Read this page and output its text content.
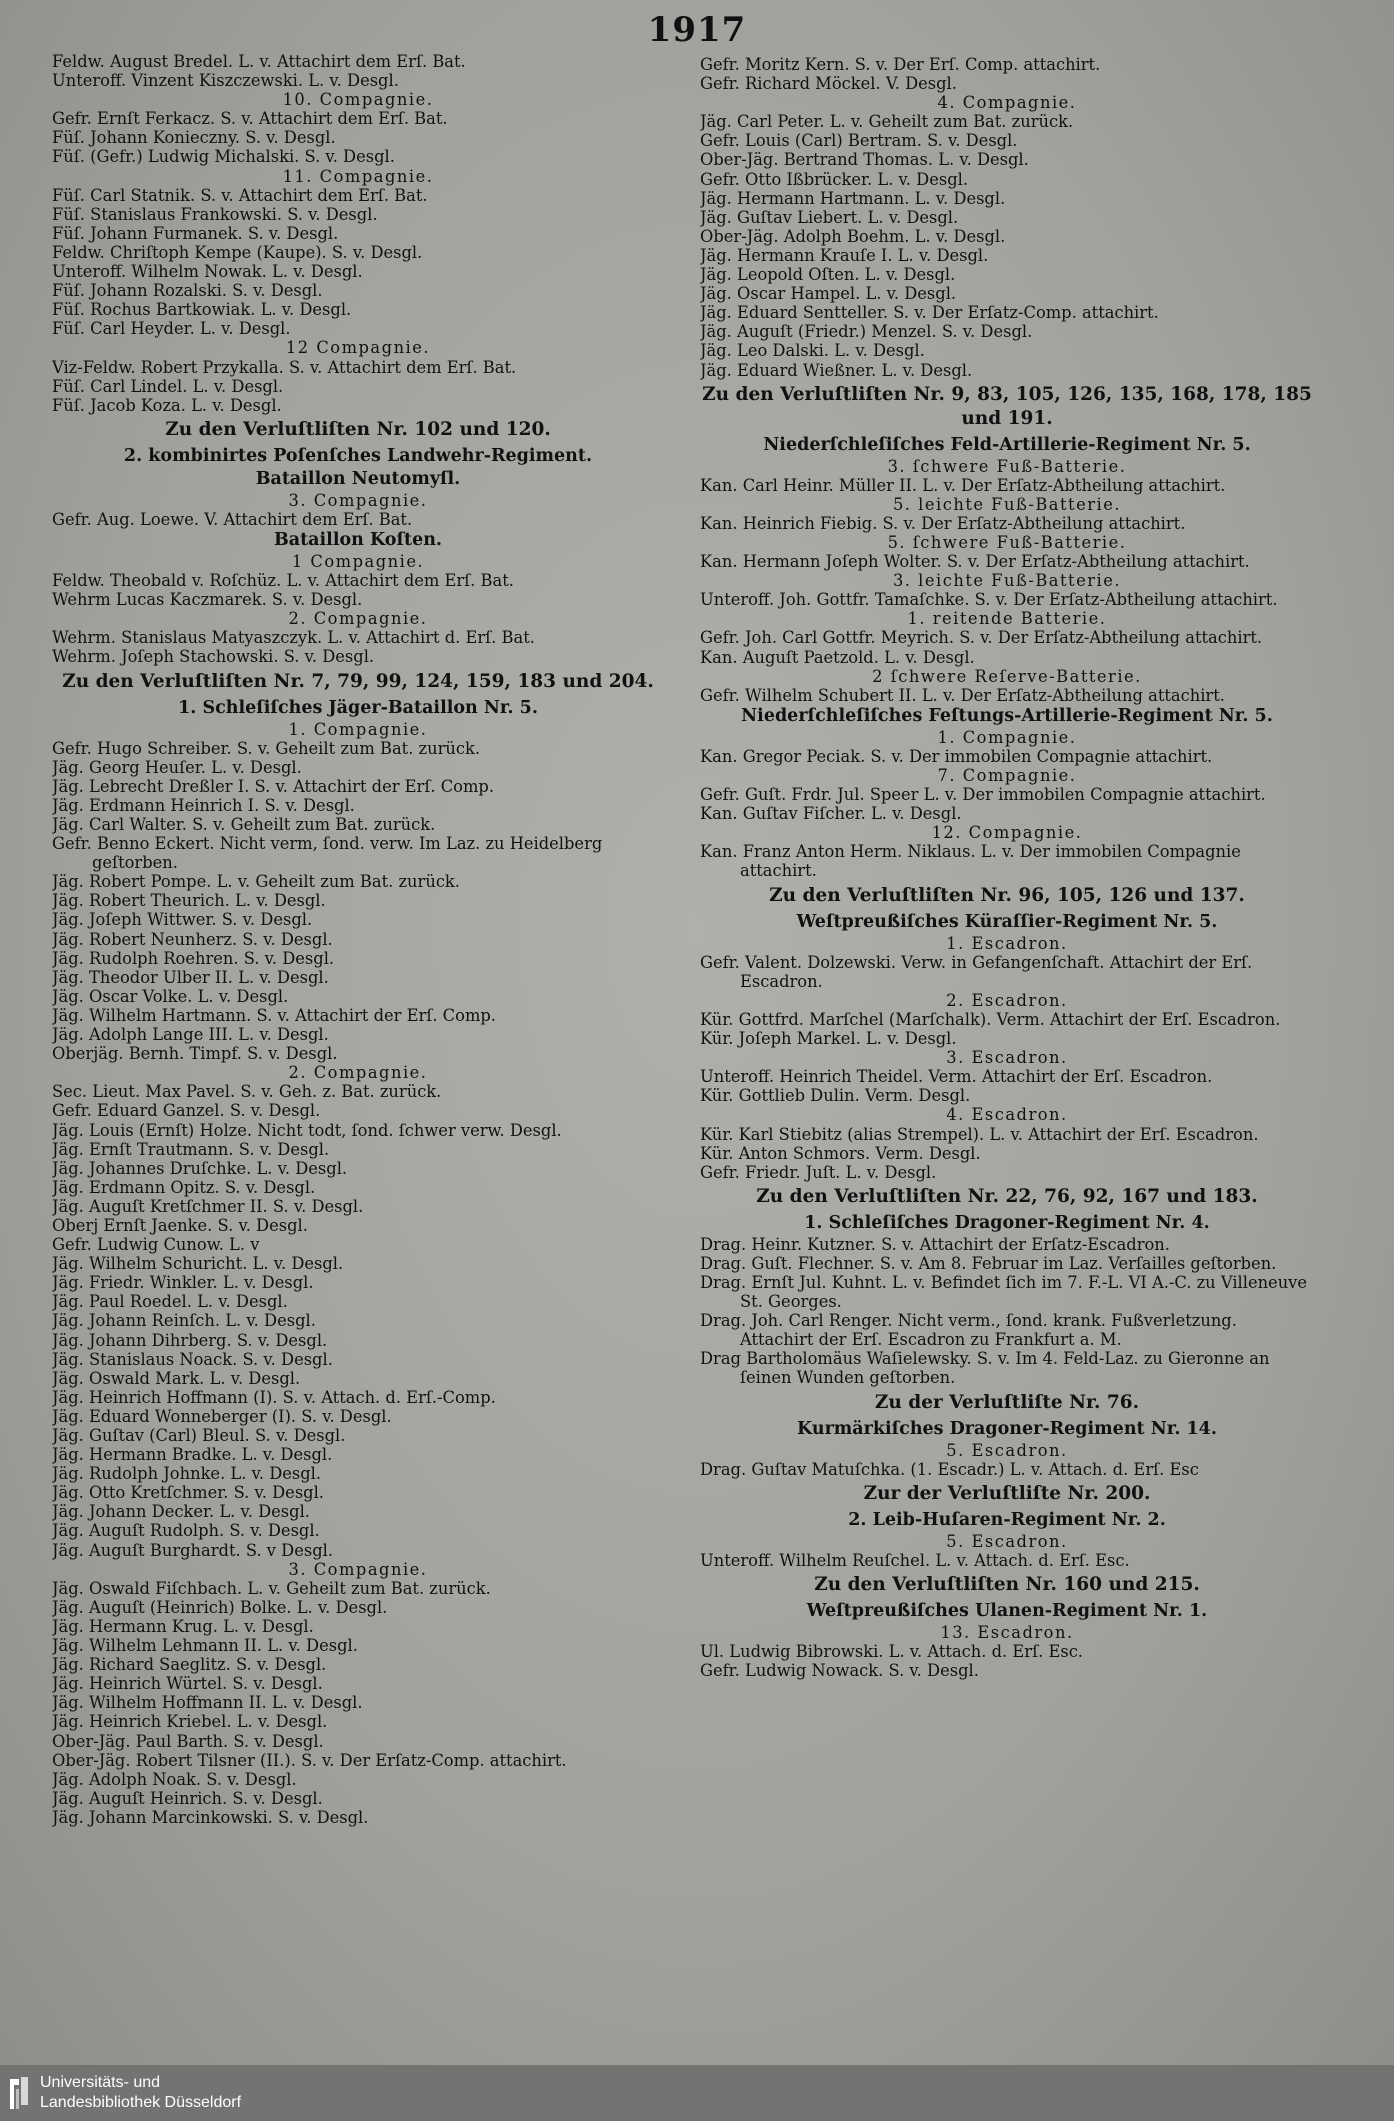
1917
Feldw. August Bredel. L. v. Attachirt dem Erſ. Bat.
Unteroff. Vinzent Kiszczewski. L. v. Desgl.
10. Compagnie.
Gefr. Ernſt Ferkacz. S. v. Attachirt dem Erſ. Bat.
Füſ. Johann Konieczny. S. v. Desgl.
Füſ. (Gefr.) Ludwig Michalski. S. v. Desgl.
11. Compagnie.
Füſ. Carl Statnik. S. v. Attachirt dem Erſ. Bat.
Füſ. Stanislaus Frankowski. S. v. Desgl.
Füſ. Johann Furmanek. S. v. Desgl.
Feldw. Chriſtoph Kempe (Kaupe). S. v. Desgl.
Unteroff. Wilhelm Nowak. L. v. Desgl.
Füſ. Johann Rozalski. S. v. Desgl.
Füſ. Rochus Bartkowiak. L. v. Desgl.
Füſ. Carl Heyder. L. v. Desgl.
12 Compagnie.
Viz-Feldw. Robert Przykalla. S. v. Attachirt dem Erſ. Bat.
Füſ. Carl Lindel. L. v. Desgl.
Füſ. Jacob Koza. L. v. Desgl.
Zu den Verluſtliſten Nr. 102 und 120.
2. kombinirtes Poſenſches Landwehr-Regiment.
Bataillon Neutomyſl.
3. Compagnie.
Gefr. Aug. Loewe. V. Attachirt dem Erſ. Bat.
Bataillon Koſten.
1 Compagnie.
Feldw. Theobald v. Roſchüz. L. v. Attachirt dem Erſ. Bat.
Wehrm Lucas Kaczmarek. S. v. Desgl.
2. Compagnie.
Wehrm. Stanislaus Matyaszczyk. L. v. Attachirt d. Erſ. Bat.
Wehrm. Joſeph Stachowski. S. v. Desgl.
Zu den Verluſtliſten Nr. 7, 79, 99, 124, 159, 183 und 204.
1. Schleſiſches Jäger-Bataillon Nr. 5.
1. Compagnie.
Gefr. Hugo Schreiber. S. v. Geheilt zum Bat. zurück.
Jäg. Georg Heuſer. L. v. Desgl.
Jäg. Lebrecht Dreßler I. S. v. Attachirt der Erſ. Comp.
Jäg. Erdmann Heinrich I. S. v. Desgl.
Jäg. Carl Walter. S. v. Geheilt zum Bat. zurück.
Gefr. Benno Eckert. Nicht verm, ſond. verw. Im Laz. zu Heidelberg geſtorben.
Jäg. Robert Pompe. L. v. Geheilt zum Bat. zurück.
Jäg. Robert Theurich. L. v. Desgl.
Jäg. Joſeph Wittwer. S. v. Desgl.
Jäg. Robert Neunherz. S. v. Desgl.
Jäg. Rudolph Roehren. S. v. Desgl.
Jäg. Theodor Ulber II. L. v. Desgl.
Jäg. Oscar Volke. L. v. Desgl.
Jäg. Wilhelm Hartmann. S. v. Attachirt der Erſ. Comp.
Jäg. Adolph Lange III. L. v. Desgl.
Oberjäg. Bernh. Timpf. S. v. Desgl.
2. Compagnie.
Sec. Lieut. Max Pavel. S. v. Geh. z. Bat. zurück.
Gefr. Eduard Ganzel. S. v. Desgl.
Jäg. Louis (Ernſt) Holze. Nicht todt, ſond. ſchwer verw. Desgl.
Jäg. Ernſt Trautmann. S. v. Desgl.
Jäg. Johannes Druſchke. L. v. Desgl.
Jäg. Erdmann Opitz. S. v. Desgl.
Jäg. Auguſt Kretſchmer II. S. v. Desgl.
Oberj Ernſt Jaenke. S. v. Desgl.
Gefr. Ludwig Cunow. L. v
Jäg. Wilhelm Schuricht. L. v. Desgl.
Jäg. Friedr. Winkler. L. v. Desgl.
Jäg. Paul Roedel. L. v. Desgl.
Jäg. Johann Reinſch. L. v. Desgl.
Jäg. Johann Dihrberg. S. v. Desgl.
Jäg. Stanislaus Noack. S. v. Desgl.
Jäg. Oswald Mark. L. v. Desgl.
Jäg. Heinrich Hoffmann (I). S. v. Attach. d. Erſ.-Comp.
Jäg. Eduard Wonneberger (I). S. v. Desgl.
Jäg. Guſtav (Carl) Bleul. S. v. Desgl.
Jäg. Hermann Bradke. L. v. Desgl.
Jäg. Rudolph Johnke. L. v. Desgl.
Jäg. Otto Kretſchmer. S. v. Desgl.
Jäg. Johann Decker. L. v. Desgl.
Jäg. Auguſt Rudolph. S. v. Desgl.
Jäg. Auguſt Burghardt. S. v Desgl.
3. Compagnie.
Jäg. Oswald Fiſchbach. L. v. Geheilt zum Bat. zurück.
Jäg. Auguſt (Heinrich) Bolke. L. v. Desgl.
Jäg. Hermann Krug. L. v. Desgl.
Jäg. Wilhelm Lehmann II. L. v. Desgl.
Jäg. Richard Saeglitz. S. v. Desgl.
Jäg. Heinrich Würtel. S. v. Desgl.
Jäg. Wilhelm Hoffmann II. L. v. Desgl.
Jäg. Heinrich Kriebel. L. v. Desgl.
Ober-Jäg. Paul Barth. S. v. Desgl.
Ober-Jäg. Robert Tilsner (II.). S. v. Der Erſatz-Comp. attachirt.
Jäg. Adolph Noak. S. v. Desgl.
Jäg. Auguſt Heinrich. S. v. Desgl.
Jäg. Johann Marcinkowski. S. v. Desgl.
Gefr. Moritz Kern. S. v. Der Erſ. Comp. attachirt.
Gefr. Richard Möckel. V. Desgl.
4. Compagnie.
Jäg. Carl Peter. L. v. Geheilt zum Bat. zurück.
Gefr. Louis (Carl) Bertram. S. v. Desgl.
Ober-Jäg. Bertrand Thomas. L. v. Desgl.
Gefr. Otto Ißbrücker. L. v. Desgl.
Jäg. Hermann Hartmann. L. v. Desgl.
Jäg. Guſtav Liebert. L. v. Desgl.
Ober-Jäg. Adolph Boehm. L. v. Desgl.
Jäg. Hermann Krauſe I. L. v. Desgl.
Jäg. Leopold Oſten. L. v. Desgl.
Jäg. Oscar Hampel. L. v. Desgl.
Jäg. Eduard Sentteller. S. v. Der Erſatz-Comp. attachirt.
Jäg. Auguſt (Friedr.) Menzel. S. v. Desgl.
Jäg. Leo Dalski. L. v. Desgl.
Jäg. Eduard Wießner. L. v. Desgl.
Zu den Verluſtliſten Nr. 9, 83, 105, 126, 135, 168, 178, 185 und 191.
Niederſchleſiſches Feld-Artillerie-Regiment Nr. 5.
3. ſchwere Fuß-Batterie.
Kan. Carl Heinr. Müller II. L. v. Der Erſatz-Abtheilung attachirt.
5. leichte Fuß-Batterie.
Kan. Heinrich Fiebig. S. v. Der Erſatz-Abtheilung attachirt.
5. ſchwere Fuß-Batterie.
Kan. Hermann Joſeph Wolter. S. v. Der Erſatz-Abtheilung attachirt.
3. leichte Fuß-Batterie.
Unteroff. Joh. Gottfr. Tamaſchke. S. v. Der Erſatz-Abtheilung attachirt.
1. reitende Batterie.
Gefr. Joh. Carl Gottfr. Meyrich. S. v. Der Erſatz-Abtheilung attachirt.
Kan. Auguſt Paetzold. L. v. Desgl.
2 ſchwere Reſerve-Batterie.
Gefr. Wilhelm Schubert II. L. v. Der Erſatz-Abtheilung attachirt.
Niederſchleſiſches Feſtungs-Artillerie-Regiment Nr. 5.
1. Compagnie.
Kan. Gregor Peciak. S. v. Der immobilen Compagnie attachirt.
7. Compagnie.
Gefr. Guſt. Frdr. Jul. Speer L. v. Der immobilen Compagnie attachirt.
Kan. Guſtav Fiſcher. L. v. Desgl.
12. Compagnie.
Kan. Franz Anton Herm. Niklaus. L. v. Der immobilen Compagnie attachirt.
Zu den Verluſtliſten Nr. 96, 105, 126 und 137.
Weſtpreußiſches Küraſſier-Regiment Nr. 5.
1. Escadron.
Gefr. Valent. Dolzewski. Verw. in Gefangenſchaft. Attachirt der Erſ. Escadron.
2. Escadron.
Kür. Gottfrd. Marſchel (Marſchalk). Verm. Attachirt der Erſ. Escadron.
Kür. Joſeph Markel. L. v. Desgl.
3. Escadron.
Unteroff. Heinrich Theidel. Verm. Attachirt der Erſ. Escadron.
Kür. Gottlieb Dulin. Verm. Desgl.
4. Escadron.
Kür. Karl Stiebitz (alias Strempel). L. v. Attachirt der Erſ. Escadron.
Kür. Anton Schmors. Verm. Desgl.
Gefr. Friedr. Juſt. L. v. Desgl.
Zu den Verluſtliſten Nr. 22, 76, 92, 167 und 183.
1. Schleſiſches Dragoner-Regiment Nr. 4.
Drag. Heinr. Kutzner. S. v. Attachirt der Erſatz-Escadron.
Drag. Guſt. Flechner. S. v. Am 8. Februar im Laz. Verſailles geſtorben.
Drag. Ernſt Jul. Kuhnt. L. v. Befindet ſich im 7. F.-L. VI A.-C. zu Villeneuve St. Georges.
Drag. Joh. Carl Renger. Nicht verm., ſond. krank. Fußverletzung. Attachirt der Erſ. Escadron zu Frankfurt a. M.
Drag Bartholomäus Waſielewsky. S. v. Im 4. Feld-Laz. zu Gieronne an ſeinen Wunden geſtorben.
Zu der Verluſtliſte Nr. 76.
Kurmärkiſches Dragoner-Regiment Nr. 14.
5. Escadron.
Drag. Guſtav Matuſchka. (1. Escadr.) L. v. Attach. d. Erſ. Esc
Zur der Verluſtliſte Nr. 200.
2. Leib-Huſaren-Regiment Nr. 2.
5. Escadron.
Unteroff. Wilhelm Reuſchel. L. v. Attach. d. Erſ. Esc.
Zu den Verluſtliſten Nr. 160 und 215.
Weſtpreußiſches Ulanen-Regiment Nr. 1.
13. Escadron.
Ul. Ludwig Bibrowski. L. v. Attach. d. Erſ. Esc.
Gefr. Ludwig Nowack. S. v. Desgl.
Universitäts- und
Landesbibliothek Düsseldorf
